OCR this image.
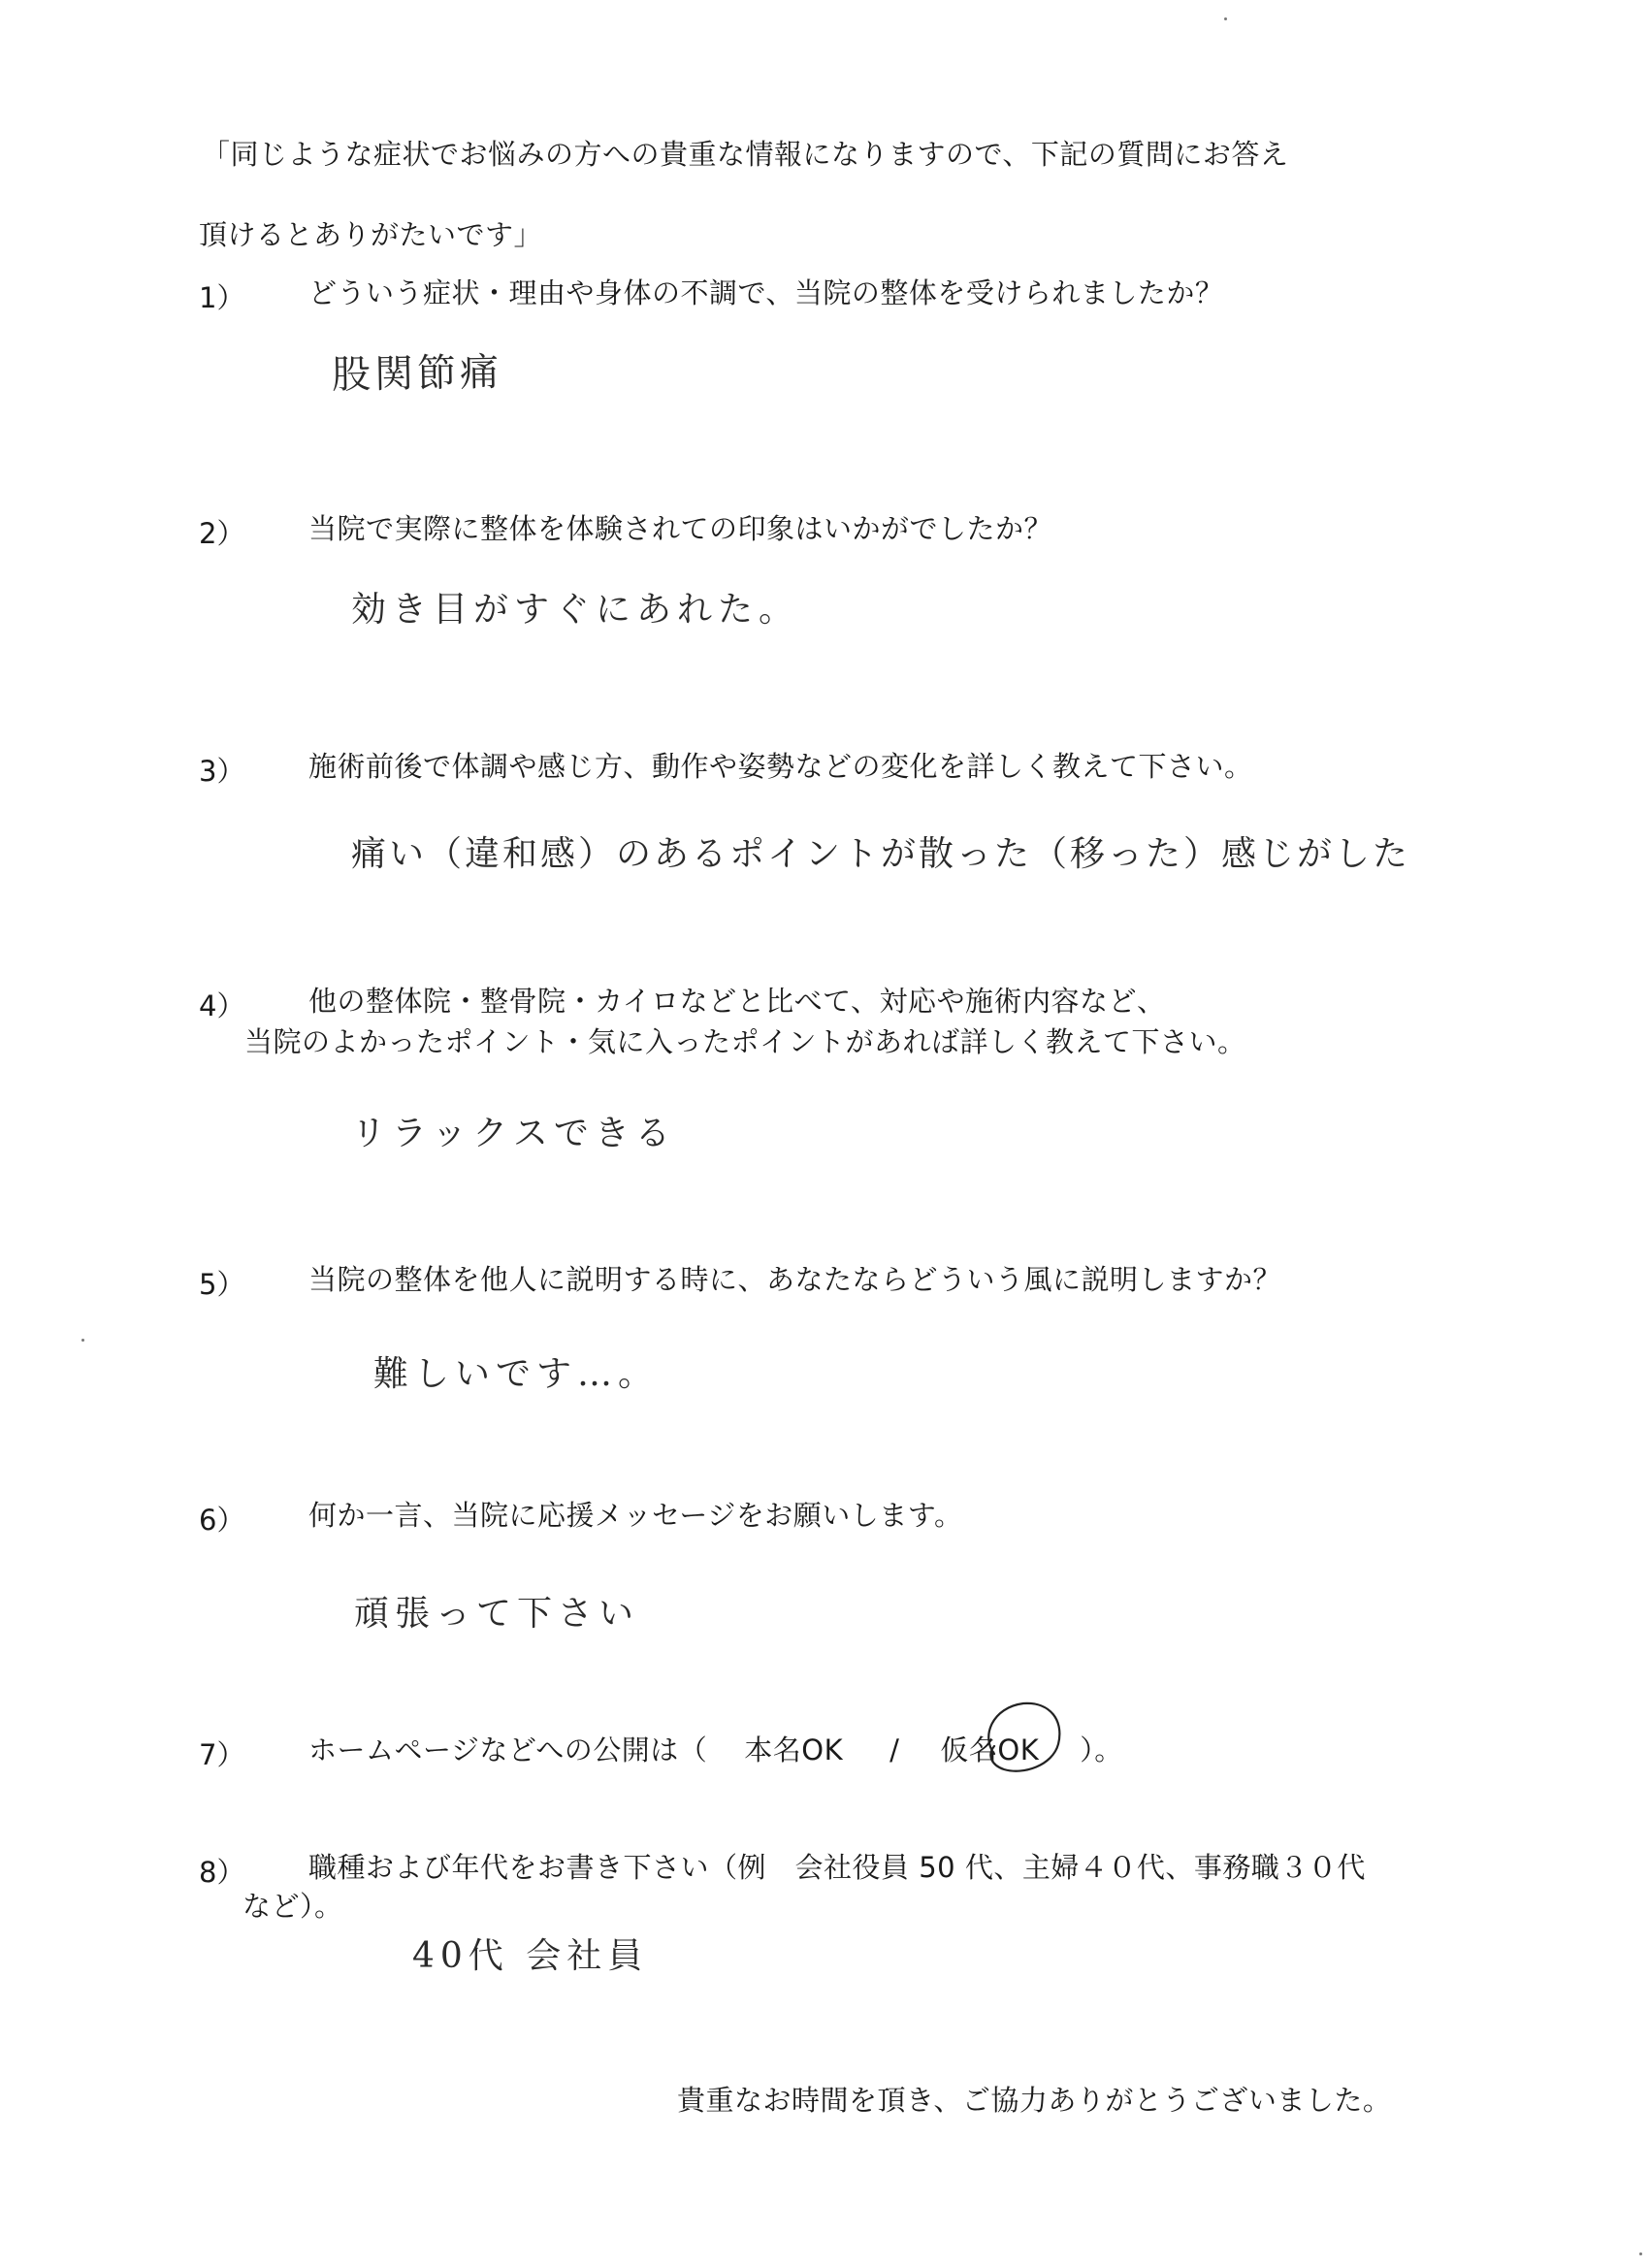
「同じような症状でお悩みの方への貴重な情報になりますので、下記の質問にお答え
頂けるとありがたいです」
1） どういう症状・理由や身体の不調で、当院の整体を受けられましたか？
股関節痛
2） 当院で実際に整体を体験されての印象はいかがでしたか？
効き目がすぐにあれた。
3） 施術前後で体調や感じ方、動作や姿勢などの変化を詳しく教えて下さい。
痛い（違和感）のあるポイントが散った（移った）感じがした
4） 他の整体院・整骨院・カイロなどと比べて、対応や施術内容など、
当院のよかったポイント・気に入ったポイントがあれば詳しく教えて下さい。
リラックスできる
5） 当院の整体を他人に説明する時に、あなたならどういう風に説明しますか？
難しいです…。
6） 何か一言、当院に応援メッセージをお願いします。
頑張って下さい
7） ホームページなどへの公開は（ 本名OK / 仮名OK ）。
8） 職種および年代をお書き下さい（例　会社役員 50 代、主婦４０代、事務職３０代
など）。
40代 会社員
貴重なお時間を頂き、ご協力ありがとうございました。
